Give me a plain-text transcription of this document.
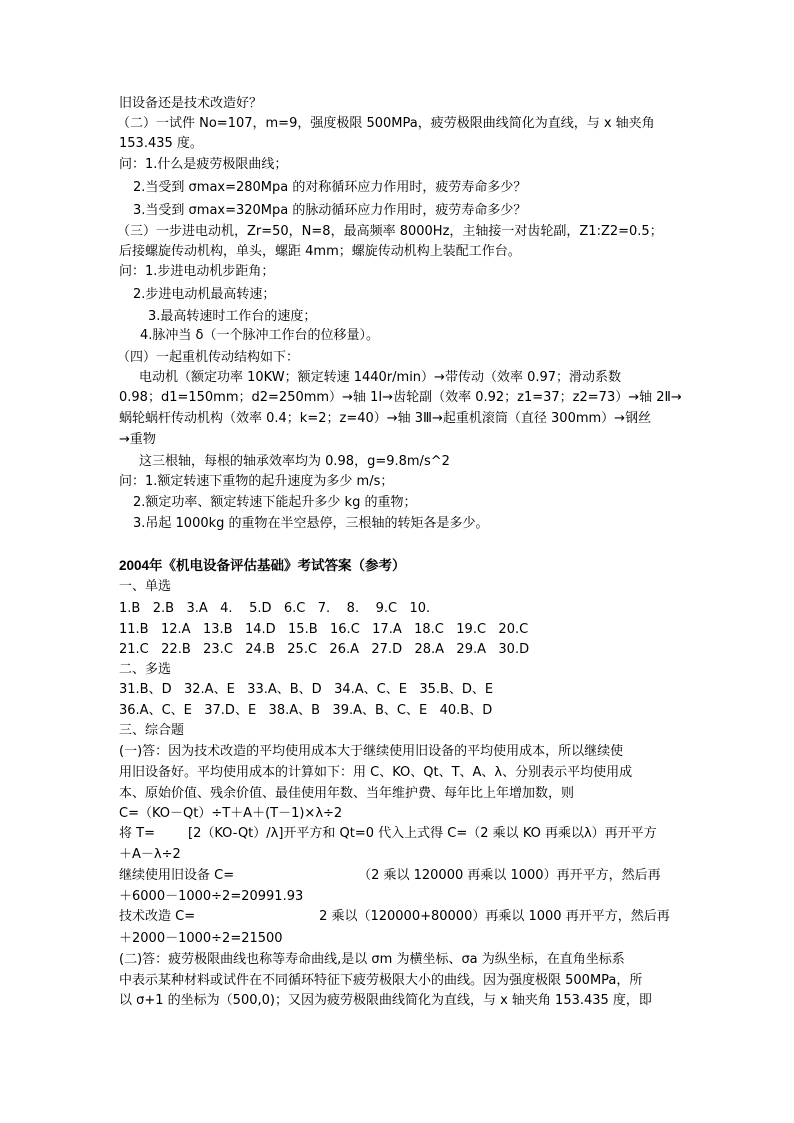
旧设备还是技术改造好？
（二）一试件 No=107，m=9，强度极限 500MPa，疲劳极限曲线简化为直线，与 x 轴夹角
153.435 度。
问：1.什么是疲劳极限曲线；
2.当受到 σmax=280Mpa 的对称循环应力作用时，疲劳寿命多少？
3.当受到 σmax=320Mpa 的脉动循环应力作用时，疲劳寿命多少？
（三）一步进电动机，Zr=50，N=8，最高频率 8000Hz，主轴接一对齿轮副，Z1:Z2=0.5；
后接螺旋传动机构，单头，螺距 4mm；螺旋传动机构上装配工作台。
问：1.步进电动机步距角；
2.步进电动机最高转速；
3.最高转速时工作台的速度；
4.脉冲当 δ（一个脉冲工作台的位移量）。
（四）一起重机传动结构如下：
电动机（额定功率 10KW；额定转速 1440r/min）→带传动（效率 0.97；滑动系数
0.98；d1=150mm；d2=250mm）→轴 1Ⅰ→齿轮副（效率 0.92；z1=37；z2=73）→轴 2Ⅱ→
蜗轮蜗杆传动机构（效率 0.4；k=2；z=40）→轴 3Ⅲ→起重机滚筒（直径 300mm）→钢丝
→重物
这三根轴，每根的轴承效率均为 0.98，g=9.8m/s^2
问：1.额定转速下重物的起升速度为多少 m/s；
2.额定功率、额定转速下能起升多少 kg 的重物；
3.吊起 1000kg 的重物在半空悬停，三根轴的转矩各是多少。
2004年《机电设备评估基础》考试答案（参考）
一、单选
1.B   2.B   3.A   4.    5.D   6.C   7.    8.    9.C   10.
11.B   12.A   13.B   14.D   15.B   16.C   17.A   18.C   19.C   20.C
21.C   22.B   23.C   24.B   25.C   26.A   27.D   28.A   29.A   30.D
二、多选
31.B、D   32.A、E   33.A、B、D   34.A、C、E   35.B、D、E
36.A、C、E   37.D、E   38.A、B   39.A、B、C、E   40.B、D
三、综合题
(一)答：因为技术改造的平均使用成本大于继续使用旧设备的平均使用成本，所以继续使
用旧设备好。平均使用成本的计算如下：用 C、KO、Qt、T、A、λ、分别表示平均使用成
本、原始价值、残余价值、最佳使用年数、当年维护费、每年比上年增加数，则
C=（KO－Qt）÷T＋A＋(T－1)×λ÷2
将 T=        [2（KO-Qt）/λ]开平方和 Qt=0 代入上式得 C=（2 乘以 KO 再乘以λ）再开平方
＋A－λ÷2
继续使用旧设备 C=                              （2 乘以 120000 再乘以 1000）再开平方，然后再
＋6000－1000÷2=20991.93
技术改造 C=                              2 乘以（120000+80000）再乘以 1000 再开平方，然后再
＋2000－1000÷2=21500
(二)答：疲劳极限曲线也称等寿命曲线,是以 σm 为横坐标、σa 为纵坐标，在直角坐标系
中表示某种材料或试件在不同循环特征下疲劳极限大小的曲线。因为强度极限 500MPa，所
以 σ+1 的坐标为（500,0)；又因为疲劳极限曲线简化为直线，与 x 轴夹角 153.435 度，即
